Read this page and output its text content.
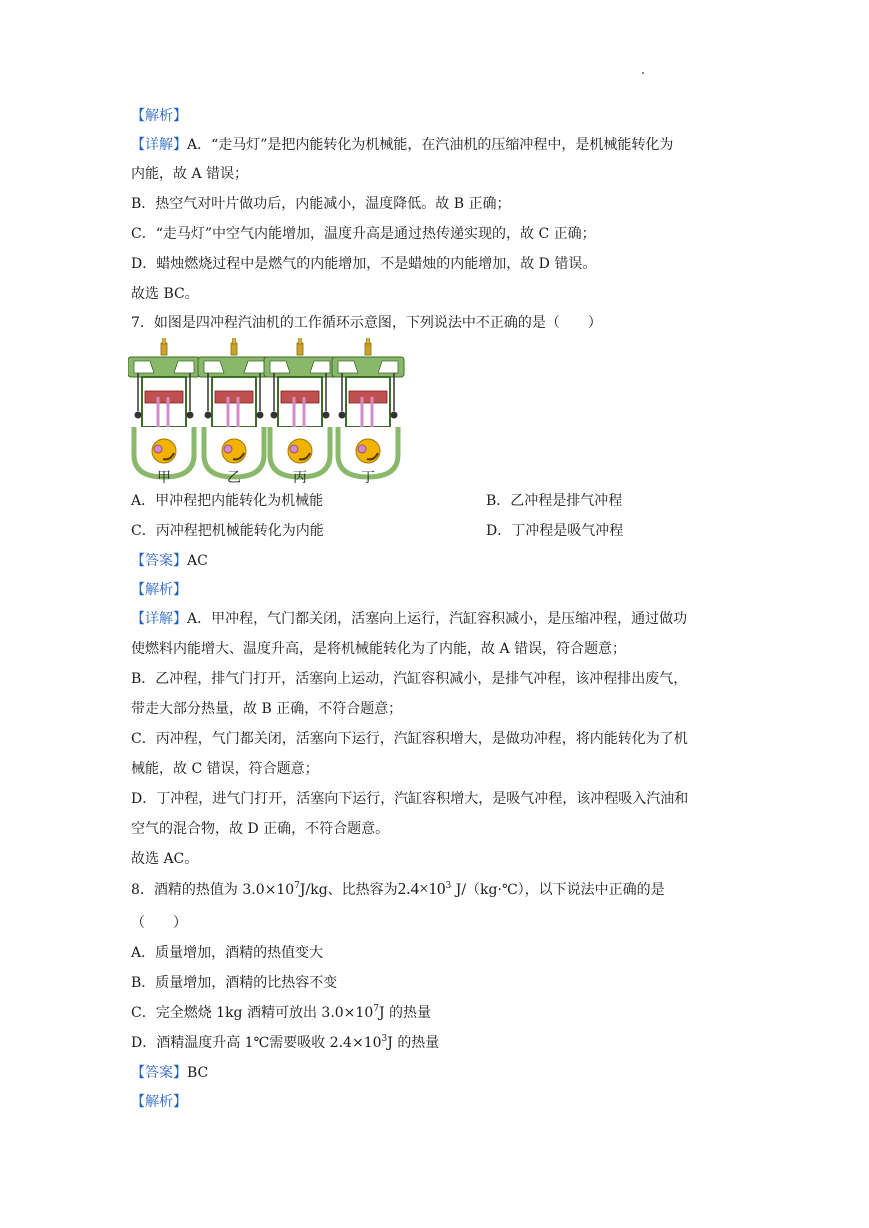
【解析】
【详解】A．“走马灯”是把内能转化为机械能，在汽油机的压缩冲程中，是机械能转化为
内能，故 A 错误；
B．热空气对叶片做功后，内能减小，温度降低。故 B 正确；
C．“走马灯”中空气内能增加，温度升高是通过热传递实现的，故 C 正确；
D．蜡烛燃烧过程中是燃气的内能增加，不是蜡烛的内能增加，故 D 错误。
故选 BC。
7．如图是四冲程汽油机的工作循环示意图，下列说法中不正确的是（　　）
甲	乙	丙	丁
A．甲冲程把内能转化为机械能	B．乙冲程是排气冲程
C．丙冲程把机械能转化为内能	D．丁冲程是吸气冲程
【答案】AC
【解析】
【详解】A．甲冲程，气门都关闭，活塞向上运行，汽缸容积减小，是压缩冲程，通过做功
使燃料内能增大、温度升高，是将机械能转化为了内能，故 A 错误，符合题意；
B．乙冲程，排气门打开，活塞向上运动，汽缸容积减小，是排气冲程，该冲程排出废气，
带走大部分热量，故 B 正确，不符合题意；
C．丙冲程，气门都关闭，活塞向下运行，汽缸容积增大，是做功冲程，将内能转化为了机
械能，故 C 错误，符合题意；
D．丁冲程，进气门打开，活塞向下运行，汽缸容积增大，是吸气冲程，该冲程吸入汽油和
空气的混合物，故 D 正确，不符合题意。
故选 AC。
8．酒精的热值为 $3.0\times 10^7J/kg$、比热容为$2.4\times 10^3$ J/（kg·℃），以下说法中正确的是
（　　）
A．质量增加，酒精的热值变大
B．质量增加，酒精的比热容不变
C．完全燃烧 1kg 酒精可放出 $3.0\times 10^7J$ 的热量
D．酒精温度升高 1℃需要吸收 $2.4\times 10^3J$ 的热量
【答案】BC
【解析】
